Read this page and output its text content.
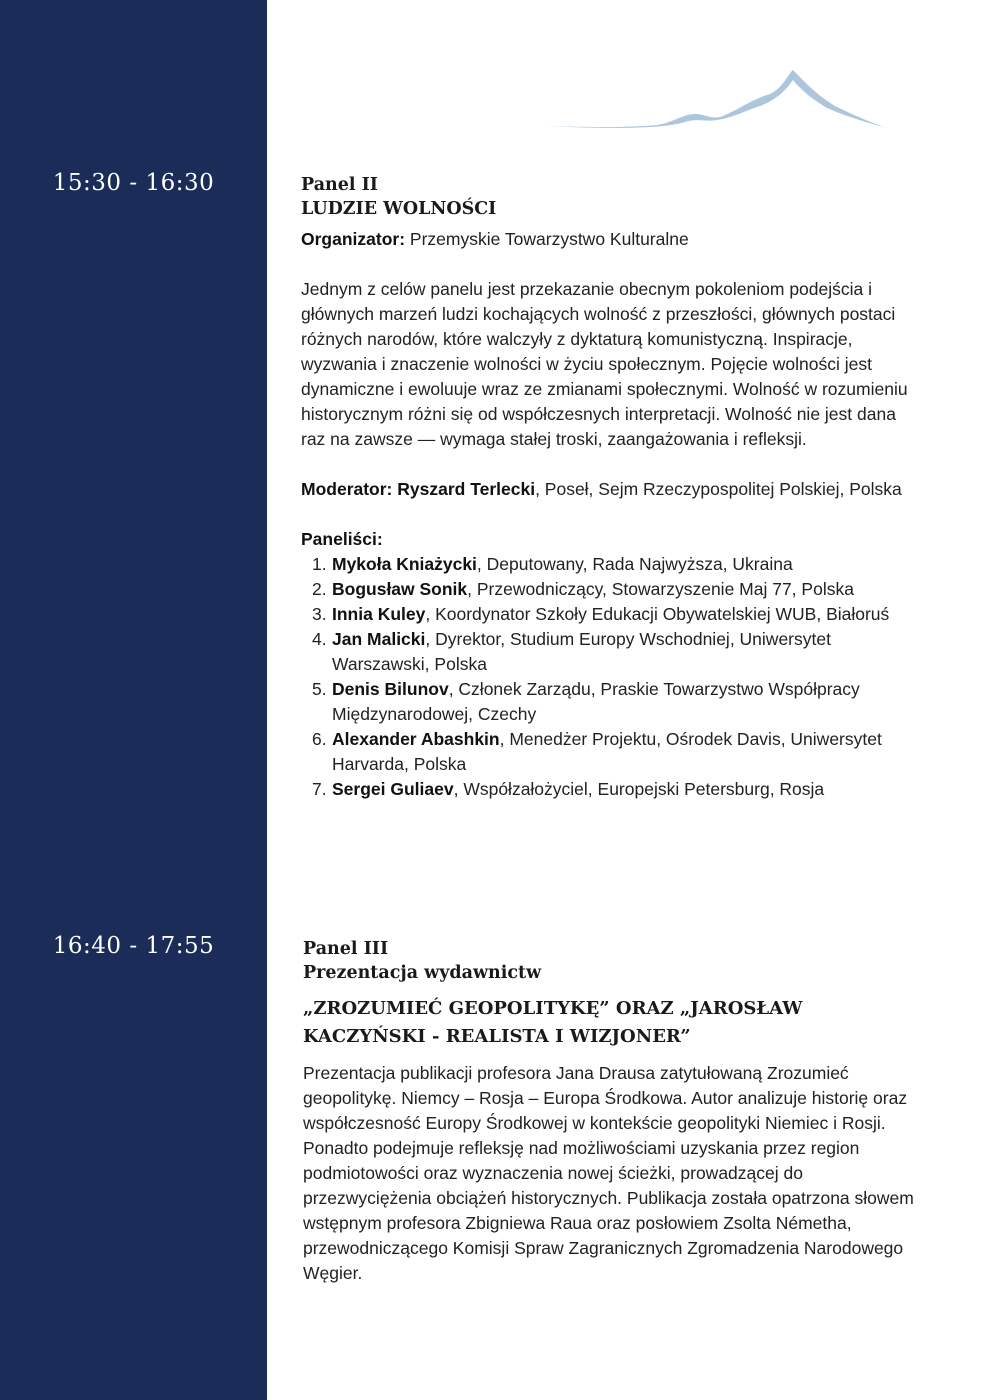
15:30 - 16:30
16:40 - 17:55
Panel II
LUDZIE WOLNOŚCI
Organizator: Przemyskie Towarzystwo Kulturalne
Jednym z celów panelu jest przekazanie obecnym pokoleniom podejścia i głównych marzeń ludzi kochających wolność z przeszłości, głównych postaci różnych narodów, które walczyły z dyktaturą komunistyczną. Inspiracje, wyzwania i znaczenie wolności w życiu społecznym. Pojęcie wolności jest dynamiczne i ewoluuje wraz ze zmianami społecznymi. Wolność w rozumieniu historycznym różni się od współczesnych interpretacji. Wolność nie jest dana raz na zawsze — wymaga stałej troski, zaangażowania i refleksji.
Moderator: Ryszard Terlecki, Poseł, Sejm Rzeczypospolitej Polskiej, Polska
Paneliści:
1. Mykoła Kniażycki, Deputowany, Rada Najwyższa, Ukraina
2. Bogusław Sonik, Przewodniczący, Stowarzyszenie Maj 77, Polska
3. Innia Kuley, Koordynator Szkoły Edukacji Obywatelskiej WUB, Białoruś
4. Jan Malicki, Dyrektor, Studium Europy Wschodniej, Uniwersytet Warszawski, Polska
5. Denis Bilunov, Członek Zarządu, Praskie Towarzystwo Współpracy Międzynarodowej, Czechy
6. Alexander Abashkin, Menedżer Projektu, Ośrodek Davis, Uniwersytet Harvarda, Polska
7. Sergei Guliaev, Współzałożyciel, Europejski Petersburg, Rosja
Panel III
Prezentacja wydawnictw
„ZROZUMIEĆ GEOPOLITYKĘ” ORAZ „JAROSŁAW KACZYŃSKI - REALISTA I WIZJONER”
Prezentacja publikacji profesora Jana Drausa zatytułowaną Zrozumieć geopolitykę. Niemcy – Rosja – Europa Środkowa. Autor analizuje historię oraz współczesność Europy Środkowej w kontekście geopolityki Niemiec i Rosji. Ponadto podejmuje refleksję nad możliwościami uzyskania przez region podmiotowości oraz wyznaczenia nowej ścieżki, prowadzącej do przezwyciężenia obciążeń historycznych. Publikacja została opatrzona słowem wstępnym profesora Zbigniewa Raua oraz posłowiem Zsolta Németha, przewodniczącego Komisji Spraw Zagranicznych Zgromadzenia Narodowego Węgier.
